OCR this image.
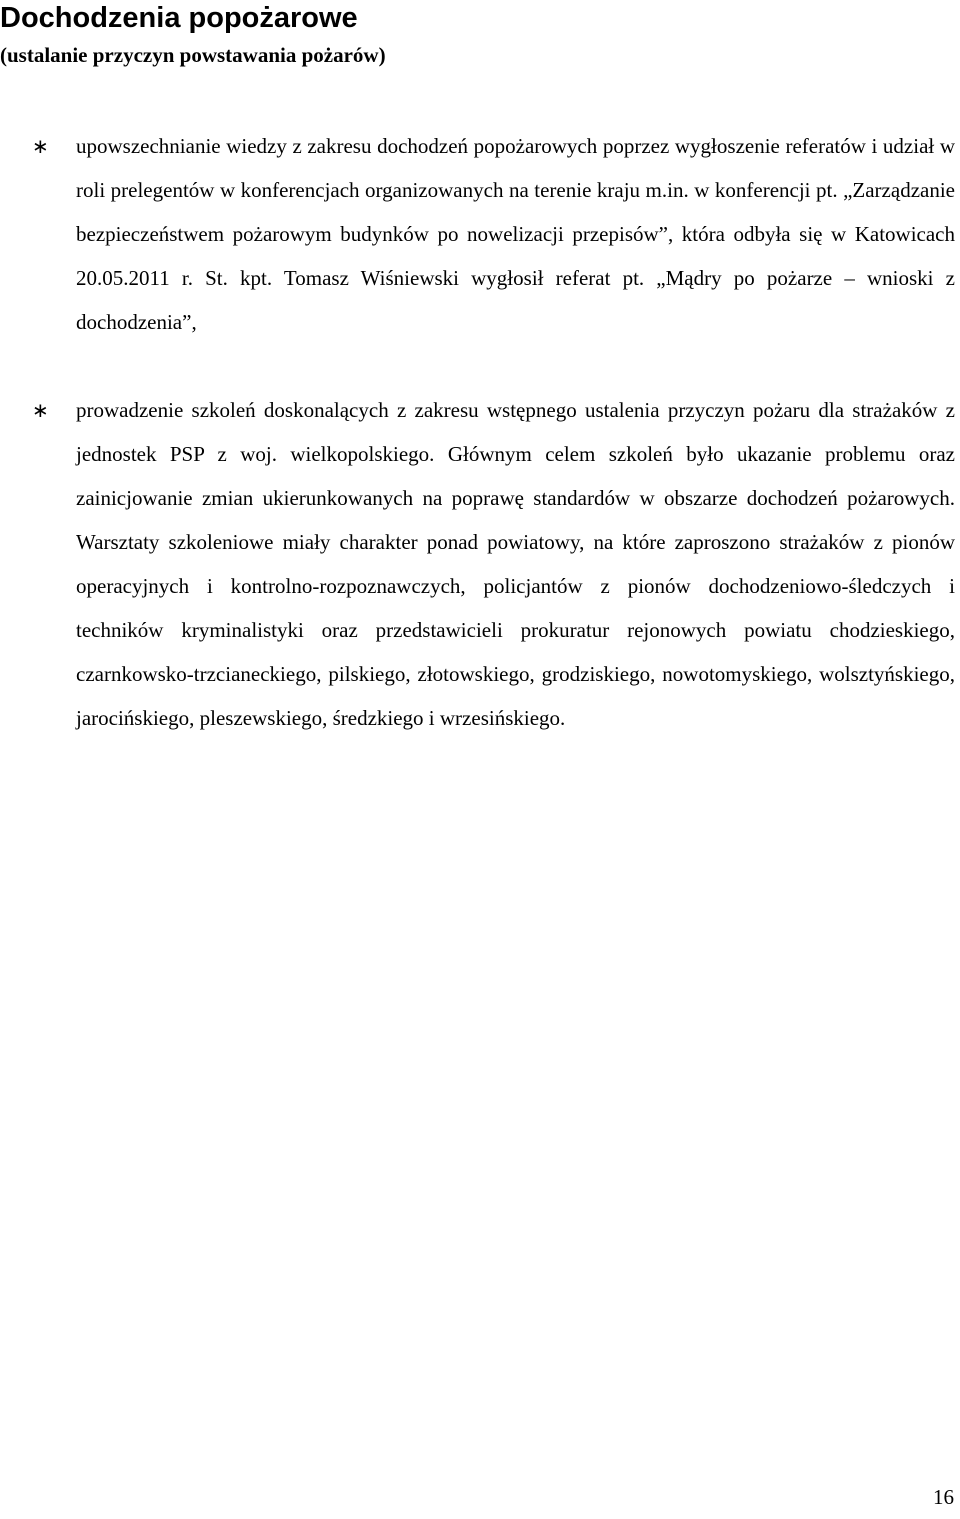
Dochodzenia popożarowe

(ustalanie przyczyn powstawania pożarów)

∗ upowszechnianie wiedzy z zakresu dochodzeń popożarowych poprzez wygłoszenie referatów i udział w roli prelegentów w konferencjach organizowanych na terenie kraju m.in. w konferencji pt. „Zarządzanie bezpieczeństwem pożarowym budynków po nowelizacji przepisów”, która odbyła się w Katowicach 20.05.2011 r. St. kpt. Tomasz Wiśniewski wygłosił referat pt. „Mądry po pożarze – wnioski z dochodzenia”,

∗ prowadzenie szkoleń doskonalących z zakresu wstępnego ustalenia przyczyn pożaru dla strażaków z jednostek PSP z woj. wielkopolskiego. Głównym celem szkoleń było ukazanie problemu oraz zainicjowanie zmian ukierunkowanych na poprawę standardów w obszarze dochodzeń pożarowych. Warsztaty szkoleniowe miały charakter ponad powiatowy, na które zaproszono strażaków z pionów operacyjnych i kontrolno-rozpoznawczych, policjantów z pionów dochodzeniowo-śledczych i techników kryminalistyki oraz przedstawicieli prokuratur rejonowych powiatu chodzieskiego, czarnkowsko-trzcianeckiego, pilskiego, złotowskiego, grodziskiego, nowotomyskiego, wolsztyńskiego, jarocińskiego, pleszewskiego, średzkiego i wrzesińskiego.

16
